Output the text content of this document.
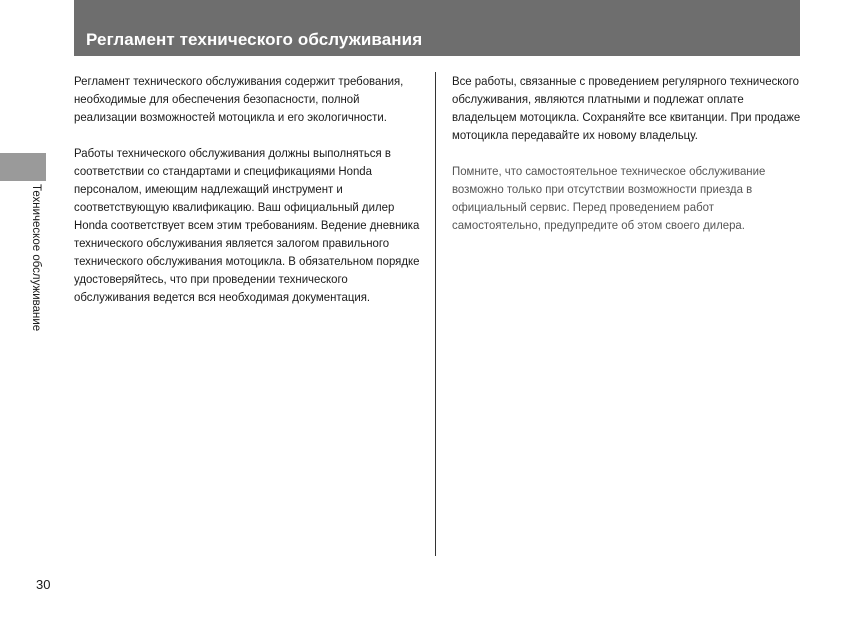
Регламент технического обслуживания
Техническое обслуживание

Регламент технического обслуживания содержит требования, необходимые для обеспечения безопасности, полной реализации возможностей мотоцикла и его экологичности.

Работы технического обслуживания должны выполняться в соответствии со стандартами и спецификациями Honda персоналом, имеющим надлежащий инструмент и соответствующую квалификацию. Ваш официальный дилер Honda соответствует всем этим требованиям. Ведение дневника технического обслуживания является залогом правильного технического обслуживания мотоцикла. В обязательном порядке удостоверяйтесь, что при проведении технического обслуживания ведется вся необходимая документация.

Все работы, связанные с проведением регулярного технического обслуживания, являются платными и подлежат оплате владельцем мотоцикла. Сохраняйте все квитанции. При продаже мотоцикла передавайте их новому владельцу.

Помните, что самостоятельное техническое обслуживание возможно только при отсутствии возможности приезда в официальный сервис. Перед проведением работ самостоятельно, предупредите об этом своего дилера.

30
